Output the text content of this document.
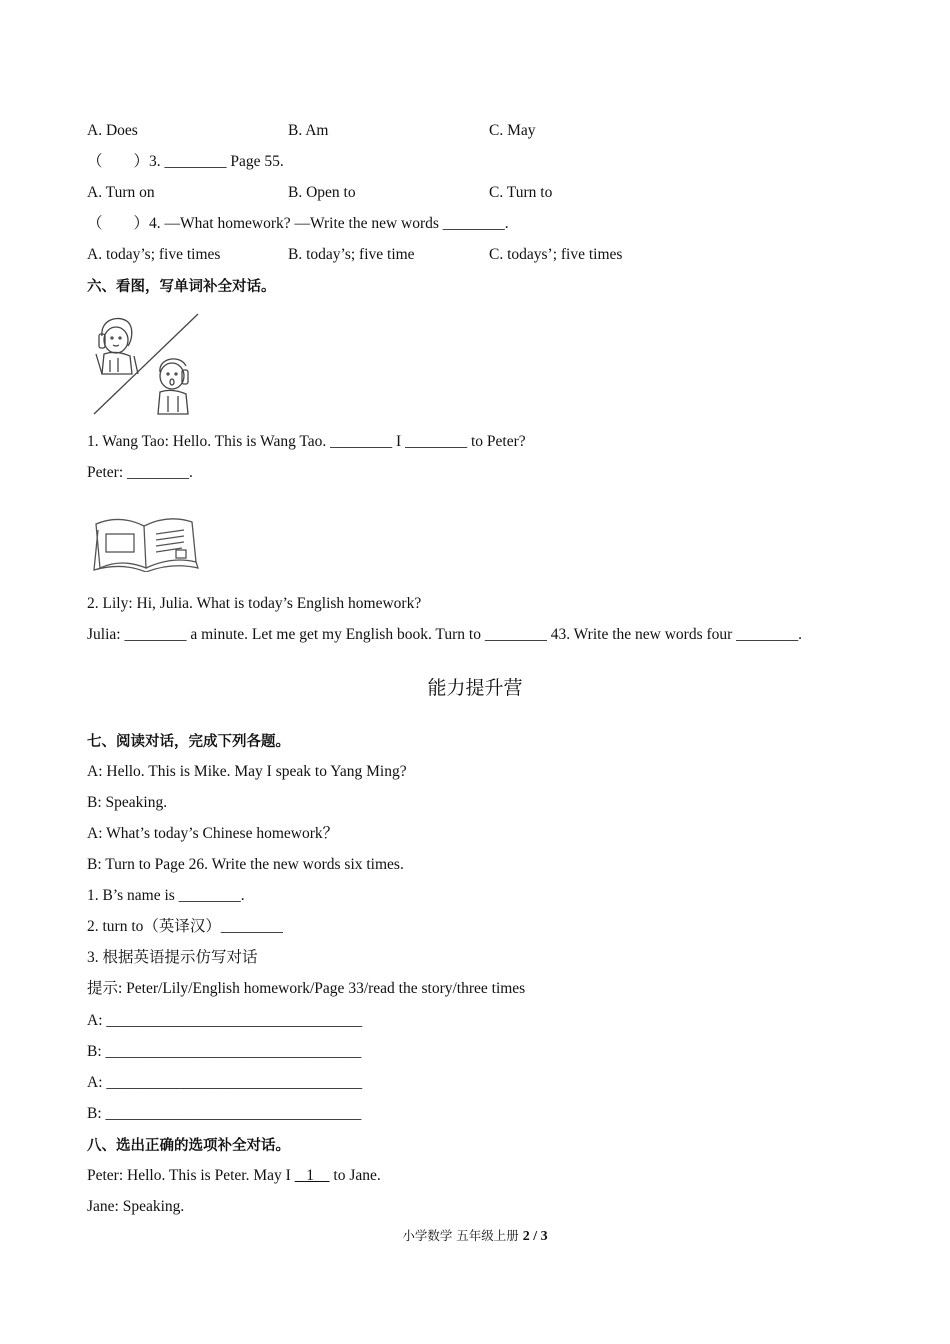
A. Does	B. Am	C. May
（　　）3. ________ Page 55.
A. Turn on	B. Open to	C. Turn to
（　　）4. —What homework? —Write the new words ________.
A. today’s; five times	B. today’s; five time	C. todays’; five times
六、看图，写单词补全对话。
1. Wang Tao: Hello. This is Wang Tao. ________ I ________ to Peter?
Peter: ________.
2. Lily: Hi, Julia. What is today’s English homework?
Julia: ________ a minute. Let me get my English book. Turn to ________ 43. Write the new words four ________.
能力提升营
七、阅读对话，完成下列各题。
A: Hello. This is Mike. May I speak to Yang Ming?
B: Speaking.
A: What’s today’s Chinese homework？
B: Turn to Page 26. Write the new words six times.
1. B’s name is ________.
2. turn to（英译汉）________
3. 根据英语提示仿写对话
提示: Peter/Lily/English homework/Page 33/read the story/three times
A: _________________________________
B: _________________________________
A: _________________________________
B: _________________________________
八、选出正确的选项补全对话。
Peter: Hello. This is Peter. May I    1     to Jane.
Jane: Speaking.
小学数学 五年级上册 2 / 3
